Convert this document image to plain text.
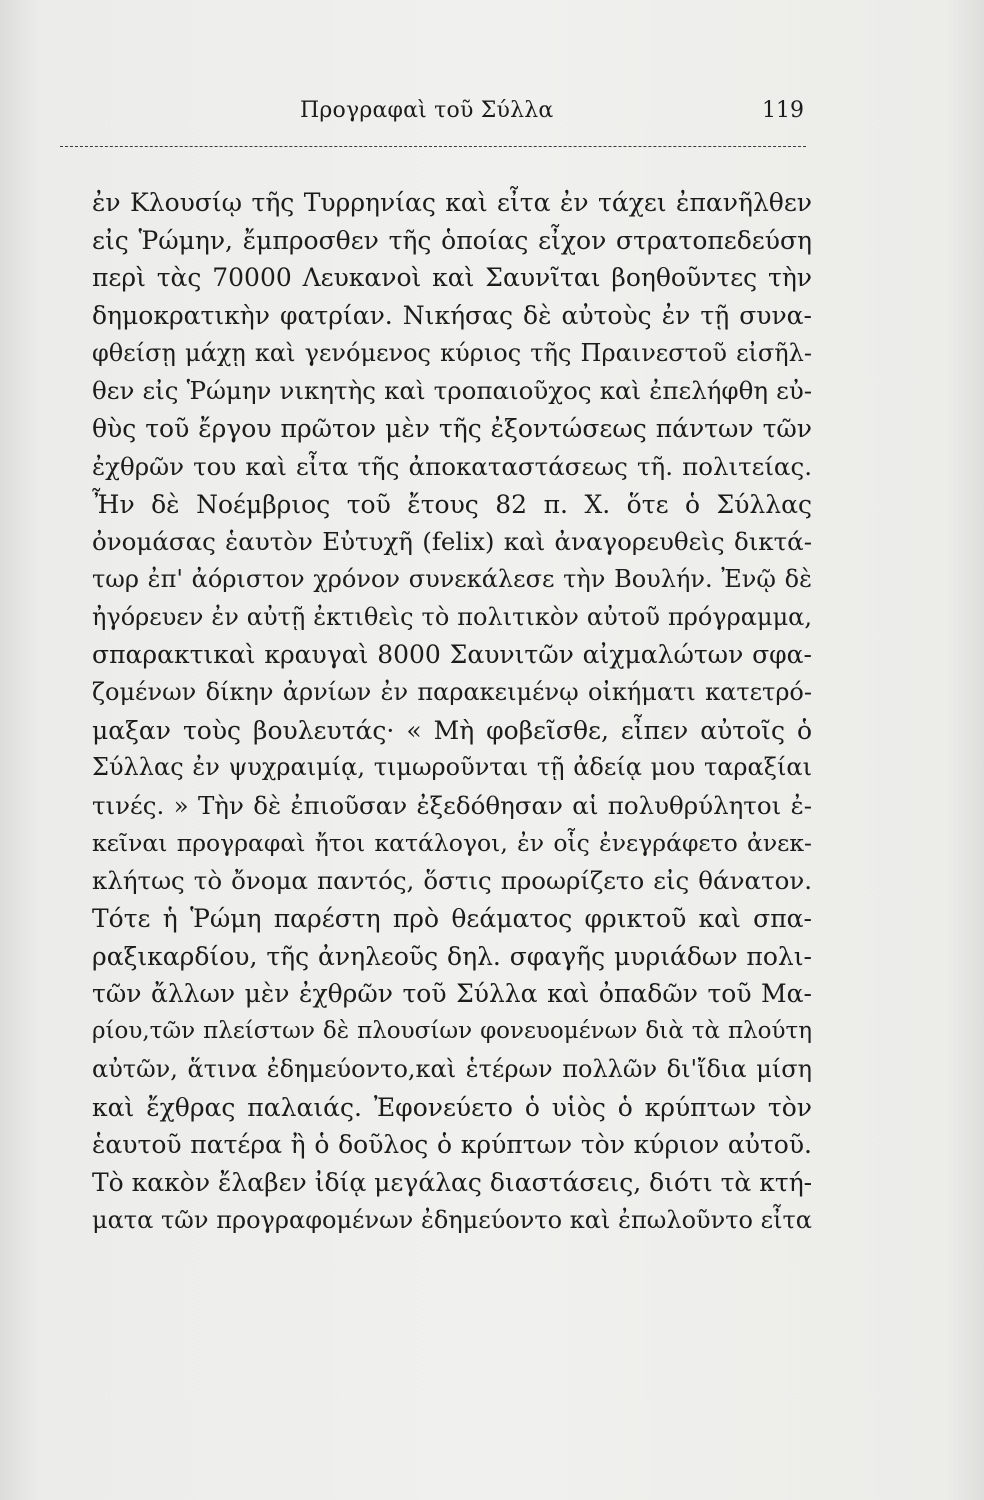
Προγραφαὶ τοῦ Σύλλα	119
ἐν Κλουσίῳ τῆς Τυρρηνίας καὶ εἶτα ἐν τάχει ἐπανῆλθεν
εἰς Ῥώμην, ἔμπροσθεν τῆς ὁποίας εἶχον στρατοπεδεύση
περὶ τὰς 70000 Λευκανοὶ καὶ Σαυνῖται βοηθοῦντες τὴν
δημοκρατικὴν φατρίαν. Νικήσας δὲ αὐτοὺς ἐν τῇ συνα-
φθείσῃ μάχῃ καὶ γενόμενος κύριος τῆς Πραινεστοῦ εἰσῆλ-
θεν εἰς Ῥώμην νικητὴς καὶ τροπαιοῦχος καὶ ἐπελήφθη εὐ-
θὺς τοῦ ἔργου πρῶτον μὲν τῆς ἐξοντώσεως πάντων τῶν
ἐχθρῶν του καὶ εἶτα τῆς ἀποκαταστάσεως τῆ. πολιτείας.
Ἦν δὲ Νοέμβριος τοῦ ἔτους 82 π. Χ. ὅτε ὁ Σύλλας
ὀνομάσας ἑαυτὸν Εὐτυχῆ (felix) καὶ ἀναγορευθεὶς δικτά-
τωρ ἐπ' ἀόριστον χρόνον συνεκάλεσε τὴν Βουλήν. Ἐνῷ δὲ
ἠγόρευεν ἐν αὐτῇ ἐκτιθεὶς τὸ πολιτικὸν αὐτοῦ πρόγραμμα,
σπαρακτικαὶ κραυγαὶ 8000 Σαυνιτῶν αἰχμαλώτων σφα-
ζομένων δίκην ἀρνίων ἐν παρακειμένῳ οἰκήματι κατετρό-
μαξαν τοὺς βουλευτάς· « Μὴ φοβεῖσθε, εἶπεν αὐτοῖς ὁ
Σύλλας ἐν ψυχραιμίᾳ, τιμωροῦνται τῇ ἀδείᾳ μου ταραξίαι
τινές. » Τὴν δὲ ἐπιοῦσαν ἐξεδόθησαν αἱ πολυθρύλητοι ἐ-
κεῖναι προγραφαὶ ἤτοι κατάλογοι, ἐν οἷς ἐνεγράφετο ἀνεκ-
κλήτως τὸ ὄνομα παντός, ὅστις προωρίζετο εἰς θάνατον.
Τότε ἡ Ῥώμη παρέστη πρὸ θεάματος φρικτοῦ καὶ σπα-
ραξικαρδίου, τῆς ἀνηλεοῦς δηλ. σφαγῆς μυριάδων πολι-
τῶν ἄλλων μὲν ἐχθρῶν τοῦ Σύλλα καὶ ὀπαδῶν τοῦ Μα-
ρίου,τῶν πλείστων δὲ πλουσίων φονευομένων διὰ τὰ πλούτη
αὐτῶν, ἅτινα ἐδημεύοντο,καὶ ἑτέρων πολλῶν δι'ἴδια μίση
καὶ ἔχθρας παλαιάς. Ἐφονεύετο ὁ υἱὸς ὁ κρύπτων τὸν
ἑαυτοῦ πατέρα ἢ ὁ δοῦλος ὁ κρύπτων τὸν κύριον αὐτοῦ.
Τὸ κακὸν ἔλαβεν ἰδίᾳ μεγάλας διαστάσεις, διότι τὰ κτή-
ματα τῶν προγραφομένων ἐδημεύοντο καὶ ἐπωλοῦντο εἶτα
